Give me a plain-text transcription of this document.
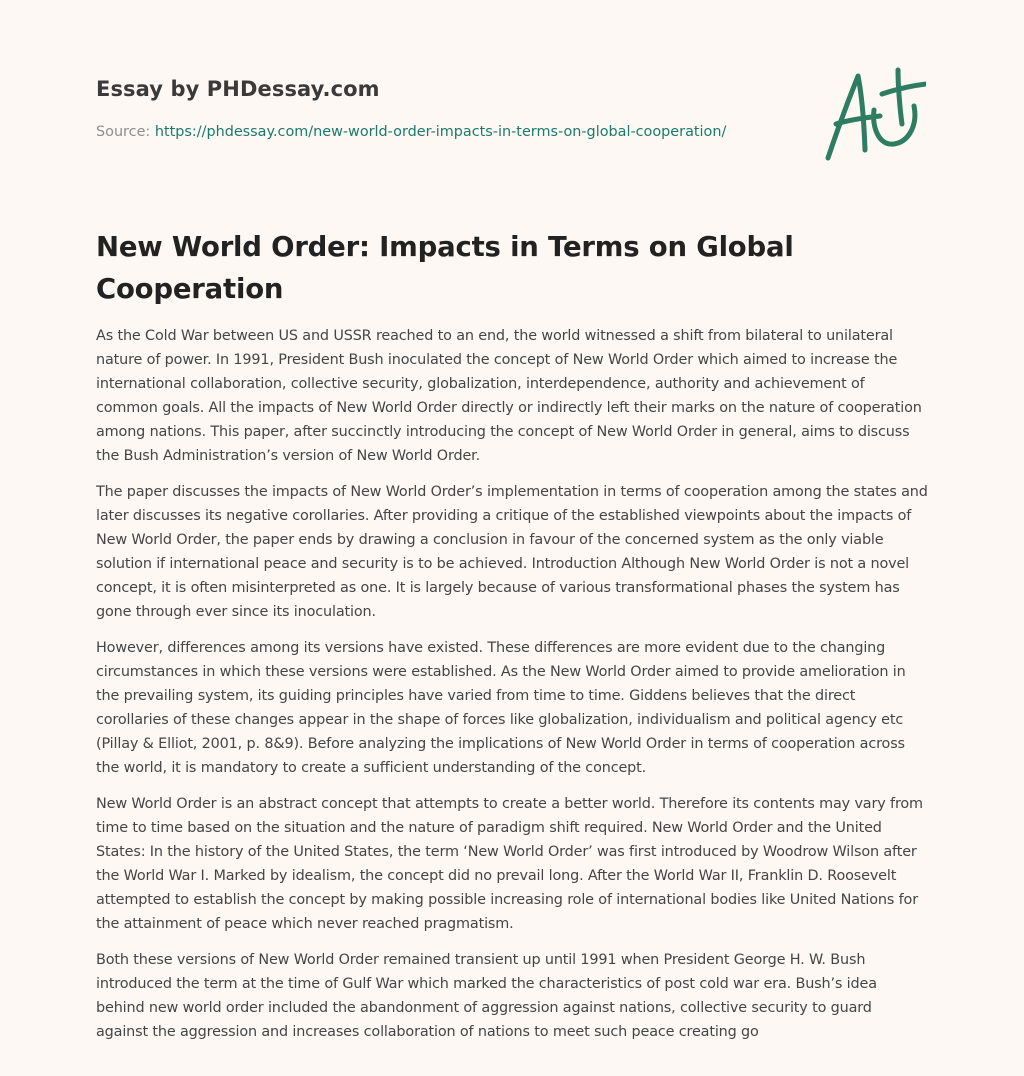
Essay by PHDessay.com
Source: https://phdessay.com/new-world-order-impacts-in-terms-on-global-cooperation/
New World Order: Impacts in Terms on Global Cooperation

As the Cold War between US and USSR reached to an end, the world witnessed a shift from bilateral to unilateral nature of power. In 1991, President Bush inoculated the concept of New World Order which aimed to increase the international collaboration, collective security, globalization, interdependence, authority and achievement of common goals. All the impacts of New World Order directly or indirectly left their marks on the nature of cooperation among nations. This paper, after succinctly introducing the concept of New World Order in general, aims to discuss the Bush Administration’s version of New World Order.

The paper discusses the impacts of New World Order’s implementation in terms of cooperation among the states and later discusses its negative corollaries. After providing a critique of the established viewpoints about the impacts of New World Order, the paper ends by drawing a conclusion in favour of the concerned system as the only viable solution if international peace and security is to be achieved. Introduction Although New World Order is not a novel concept, it is often misinterpreted as one. It is largely because of various transformational phases the system has gone through ever since its inoculation.

However, differences among its versions have existed. These differences are more evident due to the changing circumstances in which these versions were established. As the New World Order aimed to provide amelioration in the prevailing system, its guiding principles have varied from time to time. Giddens believes that the direct corollaries of these changes appear in the shape of forces like globalization, individualism and political agency etc (Pillay & Elliot, 2001, p. 8&9). Before analyzing the implications of New World Order in terms of cooperation across the world, it is mandatory to create a sufficient understanding of the concept.

New World Order is an abstract concept that attempts to create a better world. Therefore its contents may vary from time to time based on the situation and the nature of paradigm shift required. New World Order and the United States: In the history of the United States, the term ‘New World Order’ was first introduced by Woodrow Wilson after the World War I. Marked by idealism, the concept did no prevail long. After the World War II, Franklin D. Roosevelt attempted to establish the concept by making possible increasing role of international bodies like United Nations for the attainment of peace which never reached pragmatism.

Both these versions of New World Order remained transient up until 1991 when President George H. W. Bush introduced the term at the time of Gulf War which marked the characteristics of post cold war era. Bush’s idea behind new world order included the abandonment of aggression against nations, collective security to guard against the aggression and increases collaboration of nations to meet such peace creating go
